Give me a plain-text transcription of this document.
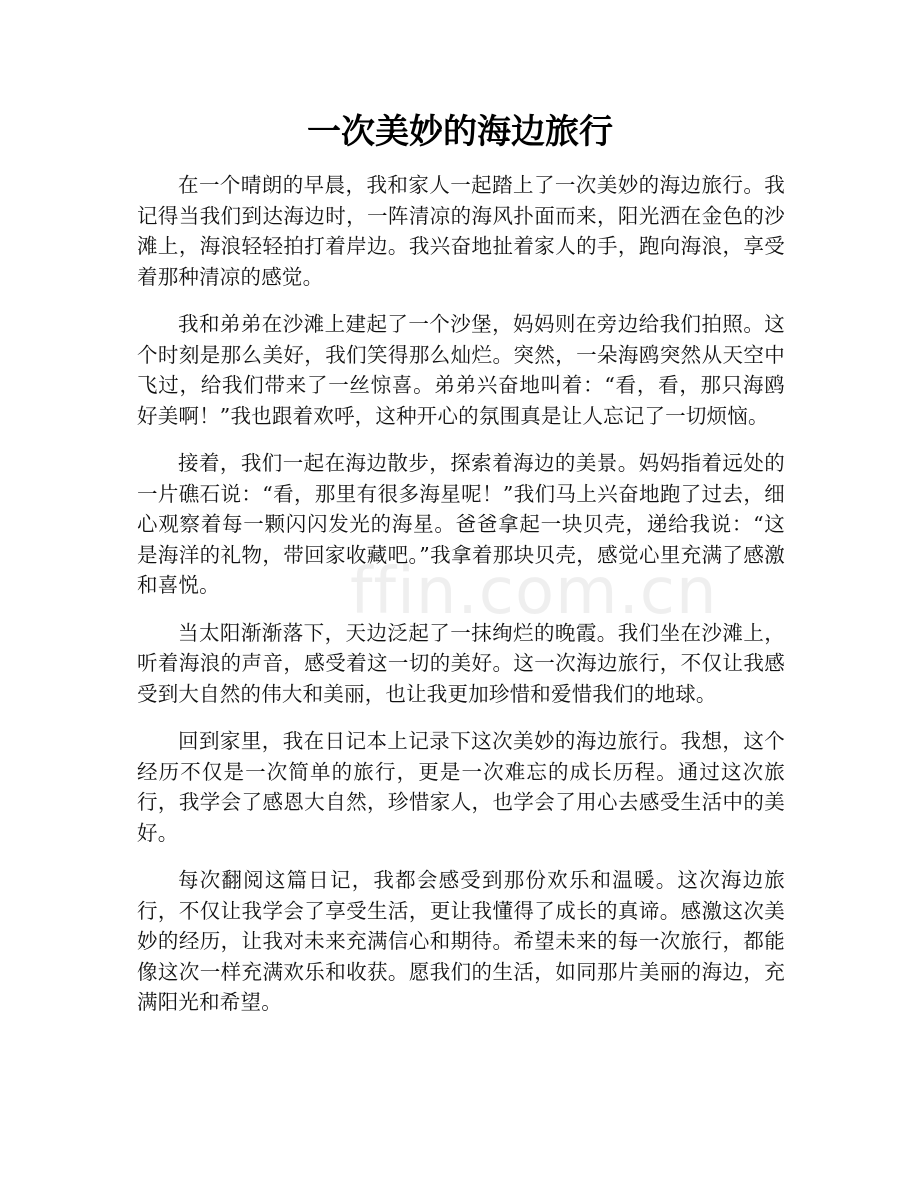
一次美妙的海边旅行

在一个晴朗的早晨，我和家人一起踏上了一次美妙的海边旅行。我记得当我们到达海边时，一阵清凉的海风扑面而来，阳光洒在金色的沙滩上，海浪轻轻拍打着岸边。我兴奋地扯着家人的手，跑向海浪，享受着那种清凉的感觉。

我和弟弟在沙滩上建起了一个沙堡，妈妈则在旁边给我们拍照。这个时刻是那么美好，我们笑得那么灿烂。突然，一朵海鸥突然从天空中飞过，给我们带来了一丝惊喜。弟弟兴奋地叫着：“看，看，那只海鸥好美啊！”我也跟着欢呼，这种开心的氛围真是让人忘记了一切烦恼。

接着，我们一起在海边散步，探索着海边的美景。妈妈指着远处的一片礁石说：“看，那里有很多海星呢！”我们马上兴奋地跑了过去，细心观察着每一颗闪闪发光的海星。爸爸拿起一块贝壳，递给我说：“这是海洋的礼物，带回家收藏吧。”我拿着那块贝壳，感觉心里充满了感激和喜悦。

当太阳渐渐落下，天边泛起了一抹绚烂的晚霞。我们坐在沙滩上，听着海浪的声音，感受着这一切的美好。这一次海边旅行，不仅让我感受到大自然的伟大和美丽，也让我更加珍惜和爱惜我们的地球。

回到家里，我在日记本上记录下这次美妙的海边旅行。我想，这个经历不仅是一次简单的旅行，更是一次难忘的成长历程。通过这次旅行，我学会了感恩大自然，珍惜家人，也学会了用心去感受生活中的美好。

每次翻阅这篇日记，我都会感受到那份欢乐和温暖。这次海边旅行，不仅让我学会了享受生活，更让我懂得了成长的真谛。感激这次美妙的经历，让我对未来充满信心和期待。希望未来的每一次旅行，都能像这次一样充满欢乐和收获。愿我们的生活，如同那片美丽的海边，充满阳光和希望。

ffin.com.cn
